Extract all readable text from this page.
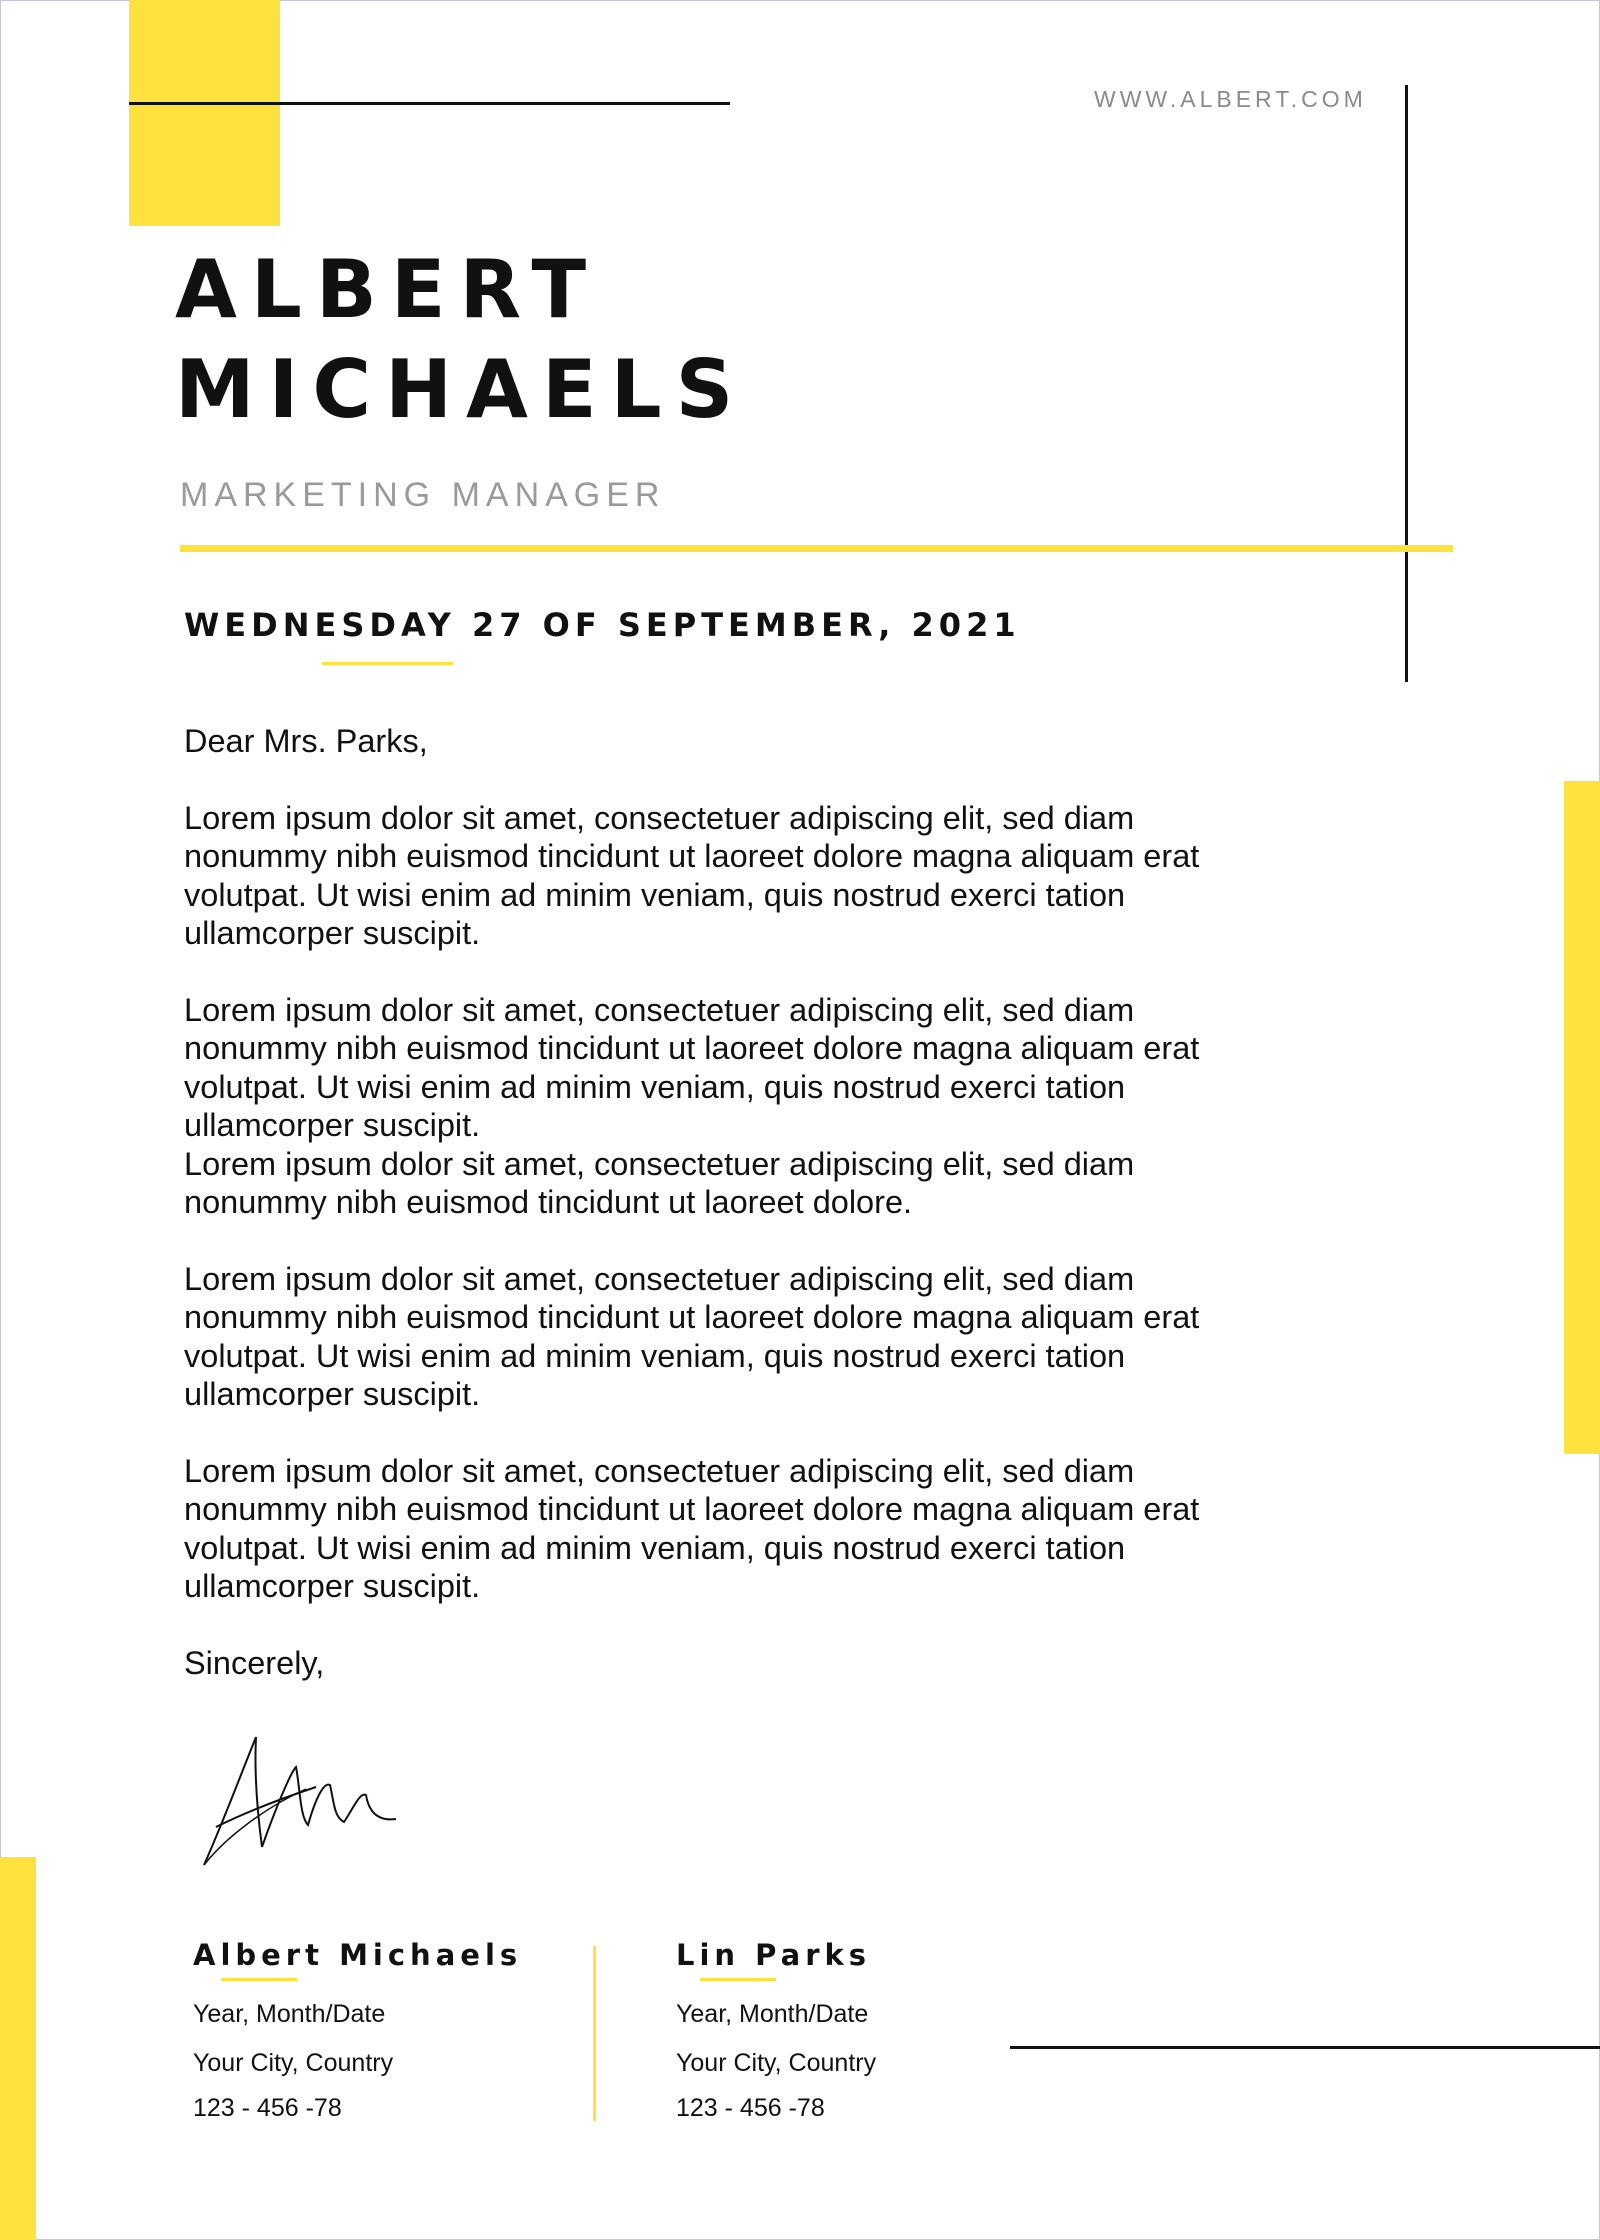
WWW.ALBERT.COM
ALBERT
MICHAELS
MARKETING MANAGER
WEDNESDAY 27 OF SEPTEMBER, 2021

Dear Mrs. Parks,

Lorem ipsum dolor sit amet, consectetuer adipiscing elit, sed diam
nonummy nibh euismod tincidunt ut laoreet dolore magna aliquam erat
volutpat. Ut wisi enim ad minim veniam, quis nostrud exerci tation
ullamcorper suscipit.

Lorem ipsum dolor sit amet, consectetuer adipiscing elit, sed diam
nonummy nibh euismod tincidunt ut laoreet dolore magna aliquam erat
volutpat. Ut wisi enim ad minim veniam, quis nostrud exerci tation
ullamcorper suscipit.

Lorem ipsum dolor sit amet, consectetuer adipiscing elit, sed diam
nonummy nibh euismod tincidunt ut laoreet dolore.

Lorem ipsum dolor sit amet, consectetuer adipiscing elit, sed diam
nonummy nibh euismod tincidunt ut laoreet dolore magna aliquam erat
volutpat. Ut wisi enim ad minim veniam, quis nostrud exerci tation
ullamcorper suscipit.

Lorem ipsum dolor sit amet, consectetuer adipiscing elit, sed diam
nonummy nibh euismod tincidunt ut laoreet dolore magna aliquam erat
volutpat. Ut wisi enim ad minim veniam, quis nostrud exerci tation
ullamcorper suscipit.

Sincerely,

Albert Michaels
Year, Month/Date
Your City, Country
123 - 456 -78
Lin Parks
Year, Month/Date
Your City, Country
123 - 456 -78
